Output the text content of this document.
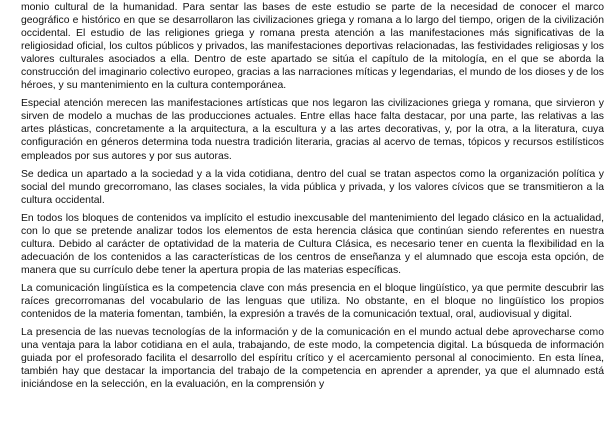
monio cultural de la humanidad. Para sentar las bases de este estudio se parte de la necesidad de conocer el marco geográfico e histórico en que se desarrollaron las civilizaciones griega y romana a lo largo del tiempo, origen de la civilización occidental. El estudio de las religiones griega y romana presta atención a las manifestaciones más significativas de la religiosidad oficial, los cultos públicos y privados, las manifestaciones deportivas relacionadas, las festividades religiosas y los valores culturales asociados a ella. Dentro de este apartado se sitúa el capítulo de la mitología, en el que se aborda la construcción del imaginario colectivo europeo, gracias a las narraciones míticas y legendarias, el mundo de los dioses y de los héroes, y su mantenimiento en la cultura contemporánea.

Especial atención merecen las manifestaciones artísticas que nos legaron las civilizaciones griega y romana, que sirvieron y sirven de modelo a muchas de las producciones actuales. Entre ellas hace falta destacar, por una parte, las relativas a las artes plásticas, concretamente a la arquitectura, a la escultura y a las artes decorativas, y, por la otra, a la literatura, cuya configuración en géneros determina toda nuestra tradición literaria, gracias al acervo de temas, tópicos y recursos estilísticos empleados por sus autores y por sus autoras.

Se dedica un apartado a la sociedad y a la vida cotidiana, dentro del cual se tratan aspectos como la organización política y social del mundo grecorromano, las clases sociales, la vida pública y privada, y los valores cívicos que se transmitieron a la cultura occidental.

En todos los bloques de contenidos va implícito el estudio inexcusable del mantenimiento del legado clásico en la actualidad, con lo que se pretende analizar todos los elementos de esta herencia clásica que continúan siendo referentes en nuestra cultura. Debido al carácter de optatividad de la materia de Cultura Clásica, es necesario tener en cuenta la flexibilidad en la adecuación de los contenidos a las características de los centros de enseñanza y el alumnado que escoja esta opción, de manera que su currículo debe tener la apertura propia de las materias específicas.

La comunicación lingüística es la competencia clave con más presencia en el bloque lingüístico, ya que permite descubrir las raíces grecorromanas del vocabulario de las lenguas que utiliza. No obstante, en el bloque no lingüístico los propios contenidos de la materia fomentan, también, la expresión a través de la comunicación textual, oral, audiovisual y digital.

La presencia de las nuevas tecnologías de la información y de la comunicación en el mundo actual debe aprovecharse como una ventaja para la labor cotidiana en el aula, trabajando, de este modo, la competencia digital. La búsqueda de información guiada por el profesorado facilita el desarrollo del espíritu crítico y el acercamiento personal al conocimiento. En esta línea, también hay que destacar la importancia del trabajo de la competencia en aprender a aprender, ya que el alumnado está iniciándose en la selección, en la evaluación, en la comprensión y
